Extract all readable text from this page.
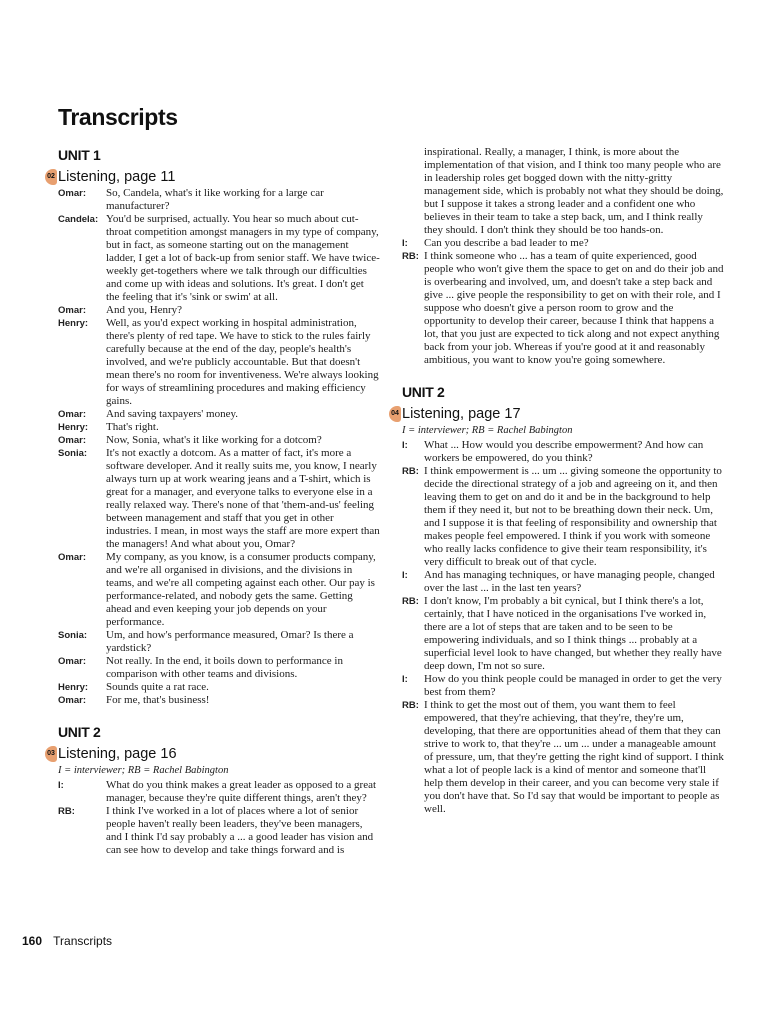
Transcripts
UNIT 1
02 Listening, page 11
Omar:	So, Candela, what's it like working for a large car manufacturer?
Candela: You'd be surprised, actually. You hear so much about cut-throat competition amongst managers in my type of company, but in fact, as someone starting out on the management ladder, I get a lot of back-up from senior staff. We have twice-weekly get-togethers where we talk through our difficulties and come up with ideas and solutions. It's great. I don't get the feeling that it's 'sink or swim' at all.
Omar:	And you, Henry?
Henry:	Well, as you'd expect working in hospital administration, there's plenty of red tape. We have to stick to the rules fairly carefully because at the end of the day, people's health's involved, and we're publicly accountable. But that doesn't mean there's no room for inventiveness. We're always looking for ways of streamlining procedures and making efficiency gains.
Omar:	And saving taxpayers' money.
Henry:	That's right.
Omar:	Now, Sonia, what's it like working for a dotcom?
Sonia:	It's not exactly a dotcom. As a matter of fact, it's more a software developer. And it really suits me, you know, I nearly always turn up at work wearing jeans and a T-shirt, which is great for a manager, and everyone talks to everyone else in a really relaxed way. There's none of that 'them-and-us' feeling between management and staff that you get in other industries. I mean, in most ways the staff are more expert than the managers! And what about you, Omar?
Omar:	My company, as you know, is a consumer products company, and we're all organised in divisions, and the divisions in teams, and we're all competing against each other. Our pay is performance-related, and nobody gets the same. Getting ahead and even keeping your job depends on your performance.
Sonia:	Um, and how's performance measured, Omar? Is there a yardstick?
Omar:	Not really. In the end, it boils down to performance in comparison with other teams and divisions.
Henry:	Sounds quite a rat race.
Omar:	For me, that's business!
UNIT 2
03 Listening, page 16
I = interviewer; RB = Rachel Babington
I:	What do you think makes a great leader as opposed to a great manager, because they're quite different things, aren't they?
RB:	I think I've worked in a lot of places where a lot of senior people haven't really been leaders, they've been managers, and I think I'd say probably a ... a good leader has vision and can see how to develop and take things forward and is
inspirational. Really, a manager, I think, is more about the implementation of that vision, and I think too many people who are in leadership roles get bogged down with the nitty-gritty management side, which is probably not what they should be doing, but I suppose it takes a strong leader and a confident one who believes in their team to take a step back, um, and I think really they should. I don't think they should be too hands-on.
I:	Can you describe a bad leader to me?
RB: I think someone who ... has a team of quite experienced, good people who won't give them the space to get on and do their job and is overbearing and involved, um, and doesn't take a step back and give ... give people the responsibility to get on with their role, and I suppose who doesn't give a person room to grow and the opportunity to develop their career, because I think that happens a lot, that you just are expected to tick along and not expect anything back from your job. Whereas if you're good at it and reasonably ambitious, you want to know you're going somewhere.
UNIT 2
04 Listening, page 17
I = interviewer; RB = Rachel Babington
I:	What ... How would you describe empowerment? And how can workers be empowered, do you think?
RB: I think empowerment is ... um ... giving someone the opportunity to decide the directional strategy of a job and agreeing on it, and then leaving them to get on and do it and be in the background to help them if they need it, but not to be breathing down their neck. Um, and I suppose it is that feeling of responsibility and ownership that makes people feel empowered. I think if you work with someone who really lacks confidence to give their team responsibility, it's very difficult to break out of that cycle.
I:	And has managing techniques, or have managing people, changed over the last ... in the last ten years?
RB: I don't know, I'm probably a bit cynical, but I think there's a lot, certainly, that I have noticed in the organisations I've worked in, there are a lot of steps that are taken and to be seen to be empowering individuals, and so I think things ... probably at a superficial level look to have changed, but whether they really have deep down, I'm not so sure.
I:	How do you think people could be managed in order to get the very best from them?
RB: I think to get the most out of them, you want them to feel empowered, that they're achieving, that they're, they're um, developing, that there are opportunities ahead of them that they can strive to work to, that they're ... um ... under a manageable amount of pressure, um, that they're getting the right kind of support. I think what a lot of people lack is a kind of mentor and someone that'll help them develop in their career, and you can become very stale if you don't have that. So I'd say that would be important to people as well.
160 Transcripts
